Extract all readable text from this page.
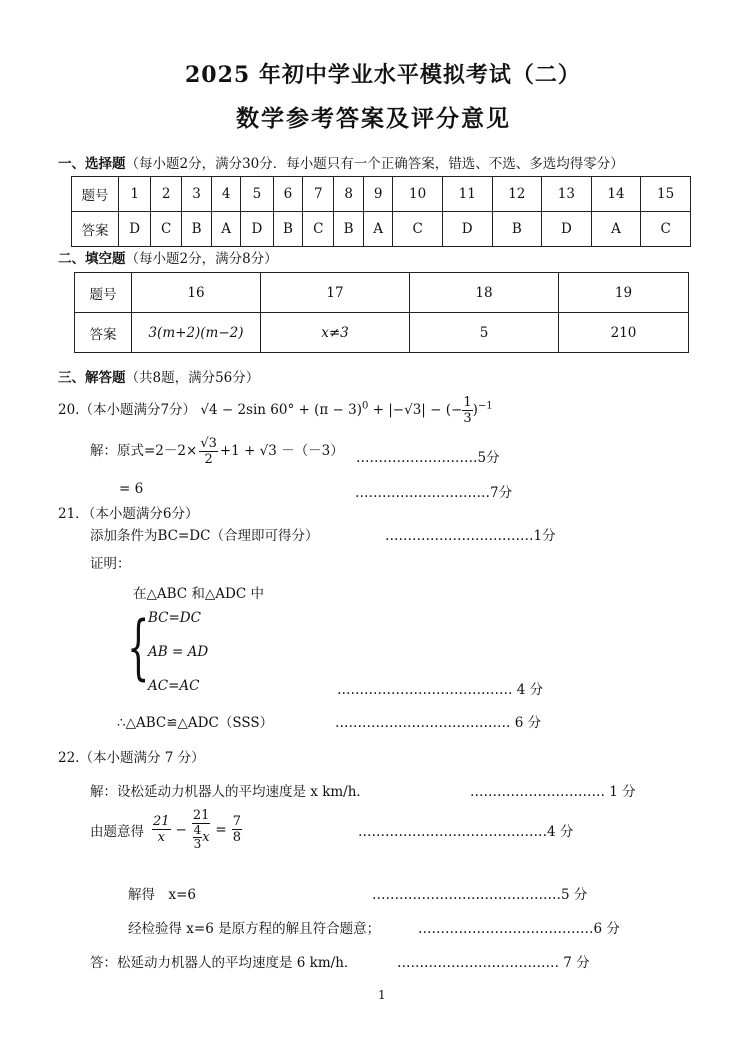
2025 年初中学业水平模拟考试（二）
数学参考答案及评分意见
一、选择题（每小题2分，满分30分．每小题只有一个正确答案，错选、不选、多选均得零分）
题号	1	2	3	4	5	6	7	8	9	10	11	12	13	14	15
答案	D	C	B	A	D	B	C	B	A	C	D	B	D	A	C
二、填空题（每小题2分，满分8分）
题号	16	17	18	19
答案	3(m+2)(m−2)	x≠3	5	210
三、解答题（共8题，满分56分）
20.（本小题满分7分） √4 − 2sin $60^\circ + (\pi - 3)^0 + |-√3|$ − (− $\frac{1}{3} )^{-1}$
解：原式$=2-2\times \frac{√3}{2} +1 + √3 -(-3)$ ………………………5分
= 6	…………………………7分
21．（本小题满分6分）
添加条件为BC=DC（合理即可得分）	……………………………1分
证明：
在△ABC 和△ADC 中
{
BC=DC
AB = AD
AC=AC	………………………………… 4 分
∴△ABC≌△ADC（SSS）	………………………………… 6 分
22.（本小题满分 7 分）
解：设松延动力机器人的平均速度是 x km/h．	………………………… 1 分
由题意得 $\frac{21}{x} - \frac{21}{\frac{4}{3} x} = \frac{7}{8}$	……………………………………4 分
解得　x=6	……………………………………5 分
经检验得 x=6 是原方程的解且符合题意；	…………………………………6 分
答：松延动力机器人的平均速度是 6 km/h．	……………………………… 7 分
1
